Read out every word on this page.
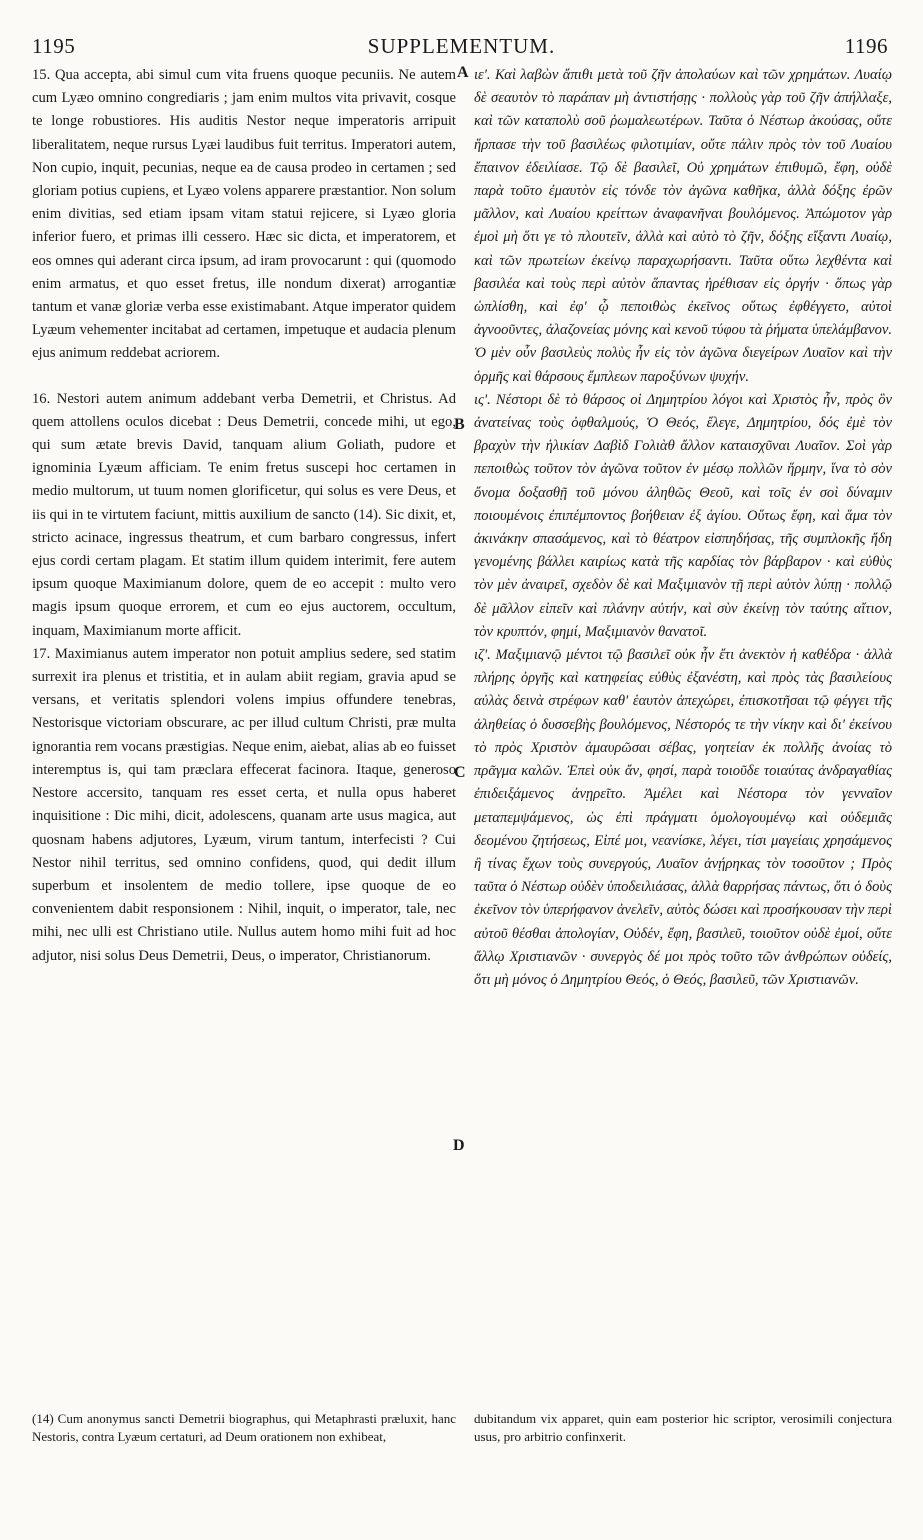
1195	SUPPLEMENTUM.	1196

15. Qua accepta, abi simul cum vita fruens quoque pecuniis. Ne autem cum Lyæo omnino congrediaris ; jam enim multos vita privavit, cosque te longe robustiores. His auditis Nestor neque imperatoris arripuit liberalitatem, neque rursus Lyæi laudibus fuit territus. Imperatori autem, Non cupio, inquit, pecunias, neque ea de causa prodeo in certamen ; sed gloriam potius cupiens, et Lyæo volens apparere præstantior. Non solum enim divitias, sed etiam ipsam vitam statui rejicere, si Lyæo gloria inferior fuero, et primas illi cessero. Hæc sic dicta, et imperatorem, et eos omnes qui aderant circa ipsum, ad iram provocarunt : qui (quomodo enim armatus, et quo esset fretus, ille nondum dixerat) arrogantiæ tantum et vanæ gloriæ verba esse existimabant. Atque imperator quidem Lyæum vehementer incitabat ad certamen, impetuque et audacia plenum ejus animum reddebat acriorem.

16. Nestori autem animum addebant verba Demetrii, et Christus. Ad quem attollens oculos dicebat : Deus Demetrii, concede mihi, ut ego, qui sum ætate brevis David, tanquam alium Goliath, pudore et ignominia Lyæum afficiam. Te enim fretus suscepi hoc certamen in medio multorum, ut tuum nomen glorificetur, qui solus es vere Deus, et iis qui in te virtutem faciunt, mittis auxilium de sancto (14). Sic dixit, et, stricto acinace, ingressus theatrum, et cum barbaro congressus, infert ejus cordi certam plagam. Et statim illum quidem interimit, fere autem ipsum quoque Maximianum dolore, quem de eo accepit : multo vero magis ipsum quoque errorem, et cum eo ejus auctorem, occultum, inquam, Maximianum morte afficit.

17. Maximianus autem imperator non potuit amplius sedere, sed statim surrexit ira plenus et tristitia, et in aulam abiit regiam, gravia apud se versans, et veritatis splendori volens impius offundere tenebras, Nestorisque victoriam obscurare, ac per illud cultum Christi, præ multa ignorantia rem vocans præstigias. Neque enim, aiebat, alias ab eo fuisset interemptus is, qui tam præclara effecerat facinora. Itaque, generoso Nestore accersito, tanquam res esset certa, et nulla opus haberet inquisitione : Dic mihi, dicit, adolescens, quanam arte usus magica, aut quosnam habens adjutores, Lyæum, virum tantum, interfecisti ? Cui Nestor nihil territus, sed omnino confidens, quod, qui dedit illum superbum et insolentem de medio tollere, ipse quoque de eo convenientem dabit responsionem : Nihil, inquit, o imperator, tale, nec mihi, nec ulli est Christiano utile. Nullus autem homo mihi fuit ad hoc adjutor, nisi solus Deus Demetrii, Deus, o imperator, Christianorum.

ιε'. Καὶ λαβὼν ἄπιθι μετὰ τοῦ ζῆν ἀπολαύων καὶ τῶν χρημάτων. Λυαίῳ δὲ σεαυτὸν τὸ παράπαν μὴ ἀντιστήσῃς · πολλοὺς γὰρ τοῦ ζῆν ἀπήλλαξε, καὶ τῶν καταπολὺ σοῦ ῥωμαλεωτέρων. Ταῦτα ὁ Νέστωρ ἀκούσας, οὔτε ἥρπασε τὴν τοῦ βασιλέως φιλοτιμίαν, οὔτε πάλιν πρὸς τὸν τοῦ Λυαίου ἔπαινον ἐδειλίασε. Τῷ δὲ βασιλεῖ, Οὐ χρημάτων ἐπιθυμῶ, ἔφη, οὐδὲ παρὰ τοῦτο ἐμαυτὸν εἰς τόνδε τὸν ἀγῶνα καθῆκα, ἀλλὰ δόξης ἐρῶν μᾶλλον, καὶ Λυαίου κρείττων ἀναφανῆναι βουλόμενος. Ἀπώμοτον γὰρ ἐμοὶ μὴ ὅτι γε τὸ πλουτεῖν, ἀλλὰ καὶ αὐτὸ τὸ ζῆν, δόξης εἴξαντι Λυαίῳ, καὶ τῶν πρωτείων ἐκείνῳ παραχωρήσαντι. Ταῦτα οὕτω λεχθέντα καὶ βασιλέα καὶ τοὺς περὶ αὐτὸν ἅπαντας ἠρέθισαν εἰς ὀργήν · ὅπως γὰρ ὡπλίσθη, καὶ ἐφ' ᾧ πεποιθὼς ἐκεῖνος οὕτως ἐφθέγγετο, αὐτοὶ ἀγνοοῦντες, ἀλαζονείας μόνης καὶ κενοῦ τύφου τὰ ῥήματα ὑπελάμβανον. Ὁ μὲν οὖν βασιλεὺς πολὺς ἦν εἰς τὸν ἀγῶνα διεγείρων Λυαῖον καὶ τὴν ὁρμῆς καὶ θάρσους ἔμπλεων παροξύνων ψυχήν.

ις'. Νέστορι δὲ τὸ θάρσος οἱ Δημητρίου λόγοι καὶ Χριστὸς ἦν, πρὸς ὃν ἀνατείνας τοὺς ὀφθαλμούς, Ὁ Θεός, ἔλεγε, Δημητρίου, δός ἐμὲ τὸν βραχὺν τὴν ἡλικίαν Δαβὶδ Γολιὰθ ἄλλον καταισχῦναι Λυαῖον. Σοὶ γὰρ πεποιθὼς τοῦτον τὸν ἀγῶνα τοῦτον ἐν μέσῳ πολλῶν ἥρμην, ἵνα τὸ σὸν ὄνομα δοξασθῇ τοῦ μόνου ἀληθῶς Θεοῦ, καὶ τοῖς ἐν σοὶ δύναμιν ποιουμένοις ἐπιπέμποντος βοήθειαν ἐξ ἁγίου. Οὕτως ἔφη, καὶ ἅμα τὸν ἀκινάκην σπασάμενος, καὶ τὸ θέατρον εἰσπηδήσας, τῆς συμπλοκῆς ἤδη γενομένης βάλλει καιρίως κατὰ τῆς καρδίας τὸν βάρβαρον · καὶ εὐθὺς τὸν μὲν ἀναιρεῖ, σχεδὸν δὲ καὶ Μαξιμιανὸν τῇ περὶ αὐτὸν λύπῃ · πολλῷ δὲ μᾶλλον εἰπεῖν καὶ πλάνην αὐτήν, καὶ σὺν ἐκείνῃ τὸν ταύτης αἴτιον, τὸν κρυπτόν, φημί, Μαξιμιανὸν θανατοῖ.

ιζ'. Μαξιμιανῷ μέντοι τῷ βασιλεῖ οὐκ ἦν ἔτι ἀνεκτὸν ἡ καθέδρα · ἀλλὰ πλήρης ὀργῆς καὶ κατηφείας εὐθὺς ἐξανέστη, καὶ πρὸς τὰς βασιλείους αὐλὰς δεινὰ στρέφων καθ' ἑαυτὸν ἀπεχώρει, ἐπισκοτῆσαι τῷ φέγγει τῆς ἀληθείας ὁ δυσσεβὴς βουλόμενος, Νέστορός τε τὴν νίκην καὶ δι' ἐκείνου τὸ πρὸς Χριστὸν ἀμαυρῶσαι σέβας, γοητείαν ἐκ πολλῆς ἀνοίας τὸ πρᾶγμα καλῶν. Ἐπεὶ οὐκ ἄν, φησί, παρὰ τοιοῦδε τοιαύτας ἀνδραγαθίας ἐπιδειξάμενος ἀνῃρεῖτο. Ἀμέλει καὶ Νέστορα τὸν γενναῖον μεταπεμψάμενος, ὡς ἐπὶ πράγματι ὁμολογουμένῳ καὶ οὐδεμιᾶς δεομένου ζητήσεως, Εἰπέ μοι, νεανίσκε, λέγει, τίσι μαγείαις χρησάμενος ἢ τίνας ἔχων τοὺς συνεργούς, Λυαῖον ἀνῄρηκας τὸν τοσοῦτον ; Πρὸς ταῦτα ὁ Νέστωρ οὐδὲν ὑποδειλιάσας, ἀλλὰ θαρρήσας πάντως, ὅτι ὁ δοὺς ἐκεῖνον τὸν ὑπερήφανον ἀνελεῖν, αὐτὸς δώσει καὶ προσήκουσαν τὴν περὶ αὐτοῦ θέσθαι ἀπολογίαν, Οὐδέν, ἔφη, βασιλεῦ, τοιοῦτον οὐδὲ ἐμοί, οὔτε ἄλλῳ Χριστιανῶν · συνεργὸς δέ μοι πρὸς τοῦτο τῶν ἀνθρώπων οὐδείς, ὅτι μὴ μόνος ὁ Δημητρίου Θεός, ὁ Θεός, βασιλεῦ, τῶν Χριστιανῶν.

A
B
C
D
(14) Cum anonymus sancti Demetrii biographus, qui Metaphrasti præluxit, hanc Nestoris, contra Lyæum certaturi, ad Deum orationem non exhibeat,
dubitandum vix apparet, quin eam posterior hic scriptor, verosimili conjectura usus, pro arbitrio confinxerit.
